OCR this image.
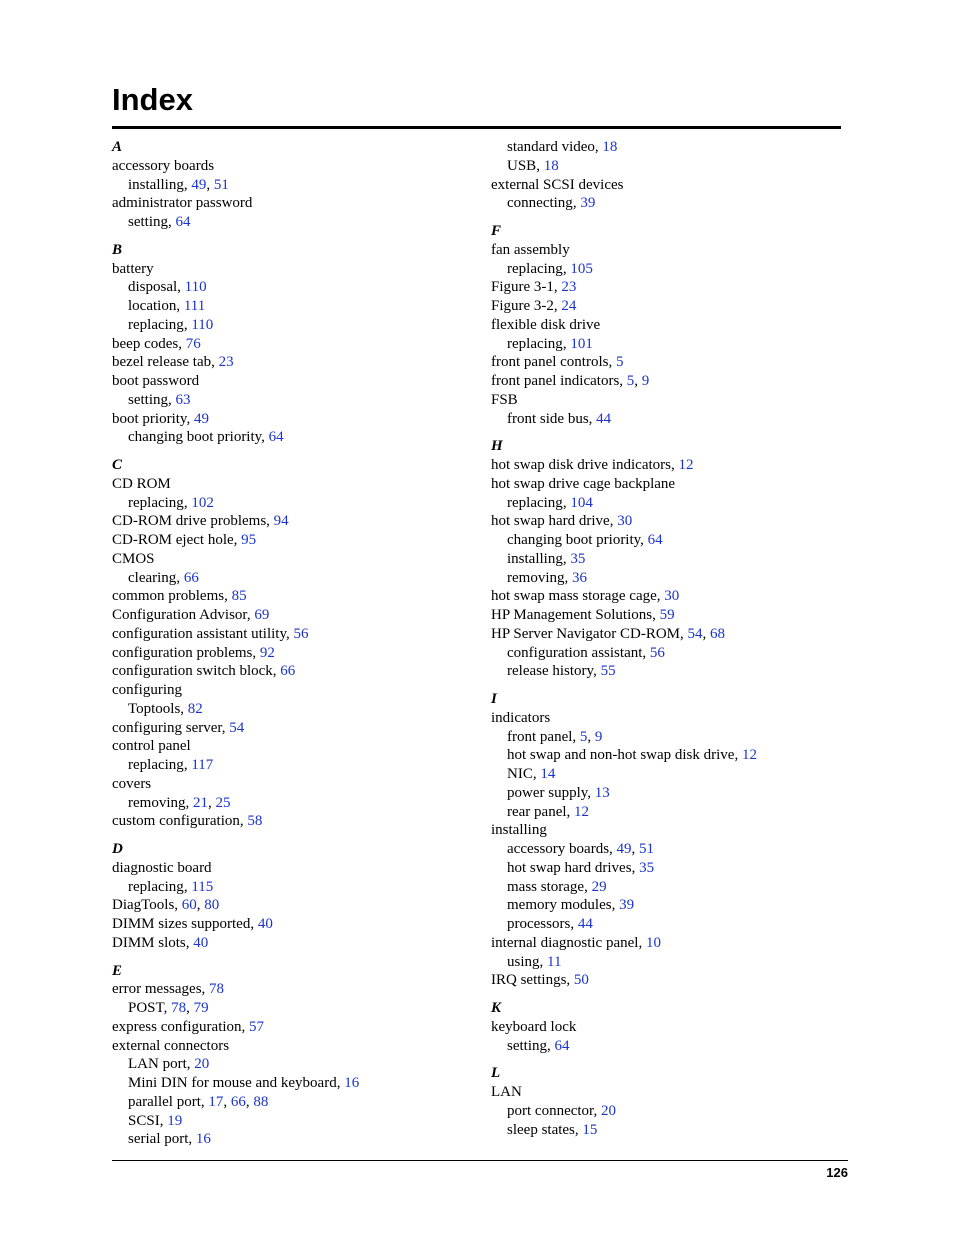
Index
A
accessory boards
installing, 49, 51
administrator password
setting, 64
B
battery
disposal, 110
location, 111
replacing, 110
beep codes, 76
bezel release tab, 23
boot password
setting, 63
boot priority, 49
changing boot priority, 64
C
CD ROM
replacing, 102
CD-ROM drive problems, 94
CD-ROM eject hole, 95
CMOS
clearing, 66
common problems, 85
Configuration Advisor, 69
configuration assistant utility, 56
configuration problems, 92
configuration switch block, 66
configuring
Toptools, 82
configuring server, 54
control panel
replacing, 117
covers
removing, 21, 25
custom configuration, 58
D
diagnostic board
replacing, 115
DiagTools, 60, 80
DIMM sizes supported, 40
DIMM slots, 40
E
error messages, 78
POST, 78, 79
express configuration, 57
external connectors
LAN port, 20
Mini DIN for mouse and keyboard, 16
parallel port, 17, 66, 88
SCSI, 19
serial port, 16
standard video, 18
USB, 18
external SCSI devices
connecting, 39
F
fan assembly
replacing, 105
Figure 3-1, 23
Figure 3-2, 24
flexible disk drive
replacing, 101
front panel controls, 5
front panel indicators, 5, 9
FSB
front side bus, 44
H
hot swap disk drive indicators, 12
hot swap drive cage backplane
replacing, 104
hot swap hard drive, 30
changing boot priority, 64
installing, 35
removing, 36
hot swap mass storage cage, 30
HP Management Solutions, 59
HP Server Navigator CD-ROM, 54, 68
configuration assistant, 56
release history, 55
I
indicators
front panel, 5, 9
hot swap and non-hot swap disk drive, 12
NIC, 14
power supply, 13
rear panel, 12
installing
accessory boards, 49, 51
hot swap hard drives, 35
mass storage, 29
memory modules, 39
processors, 44
internal diagnostic panel, 10
using, 11
IRQ settings, 50
K
keyboard lock
setting, 64
L
LAN
port connector, 20
sleep states, 15
126
